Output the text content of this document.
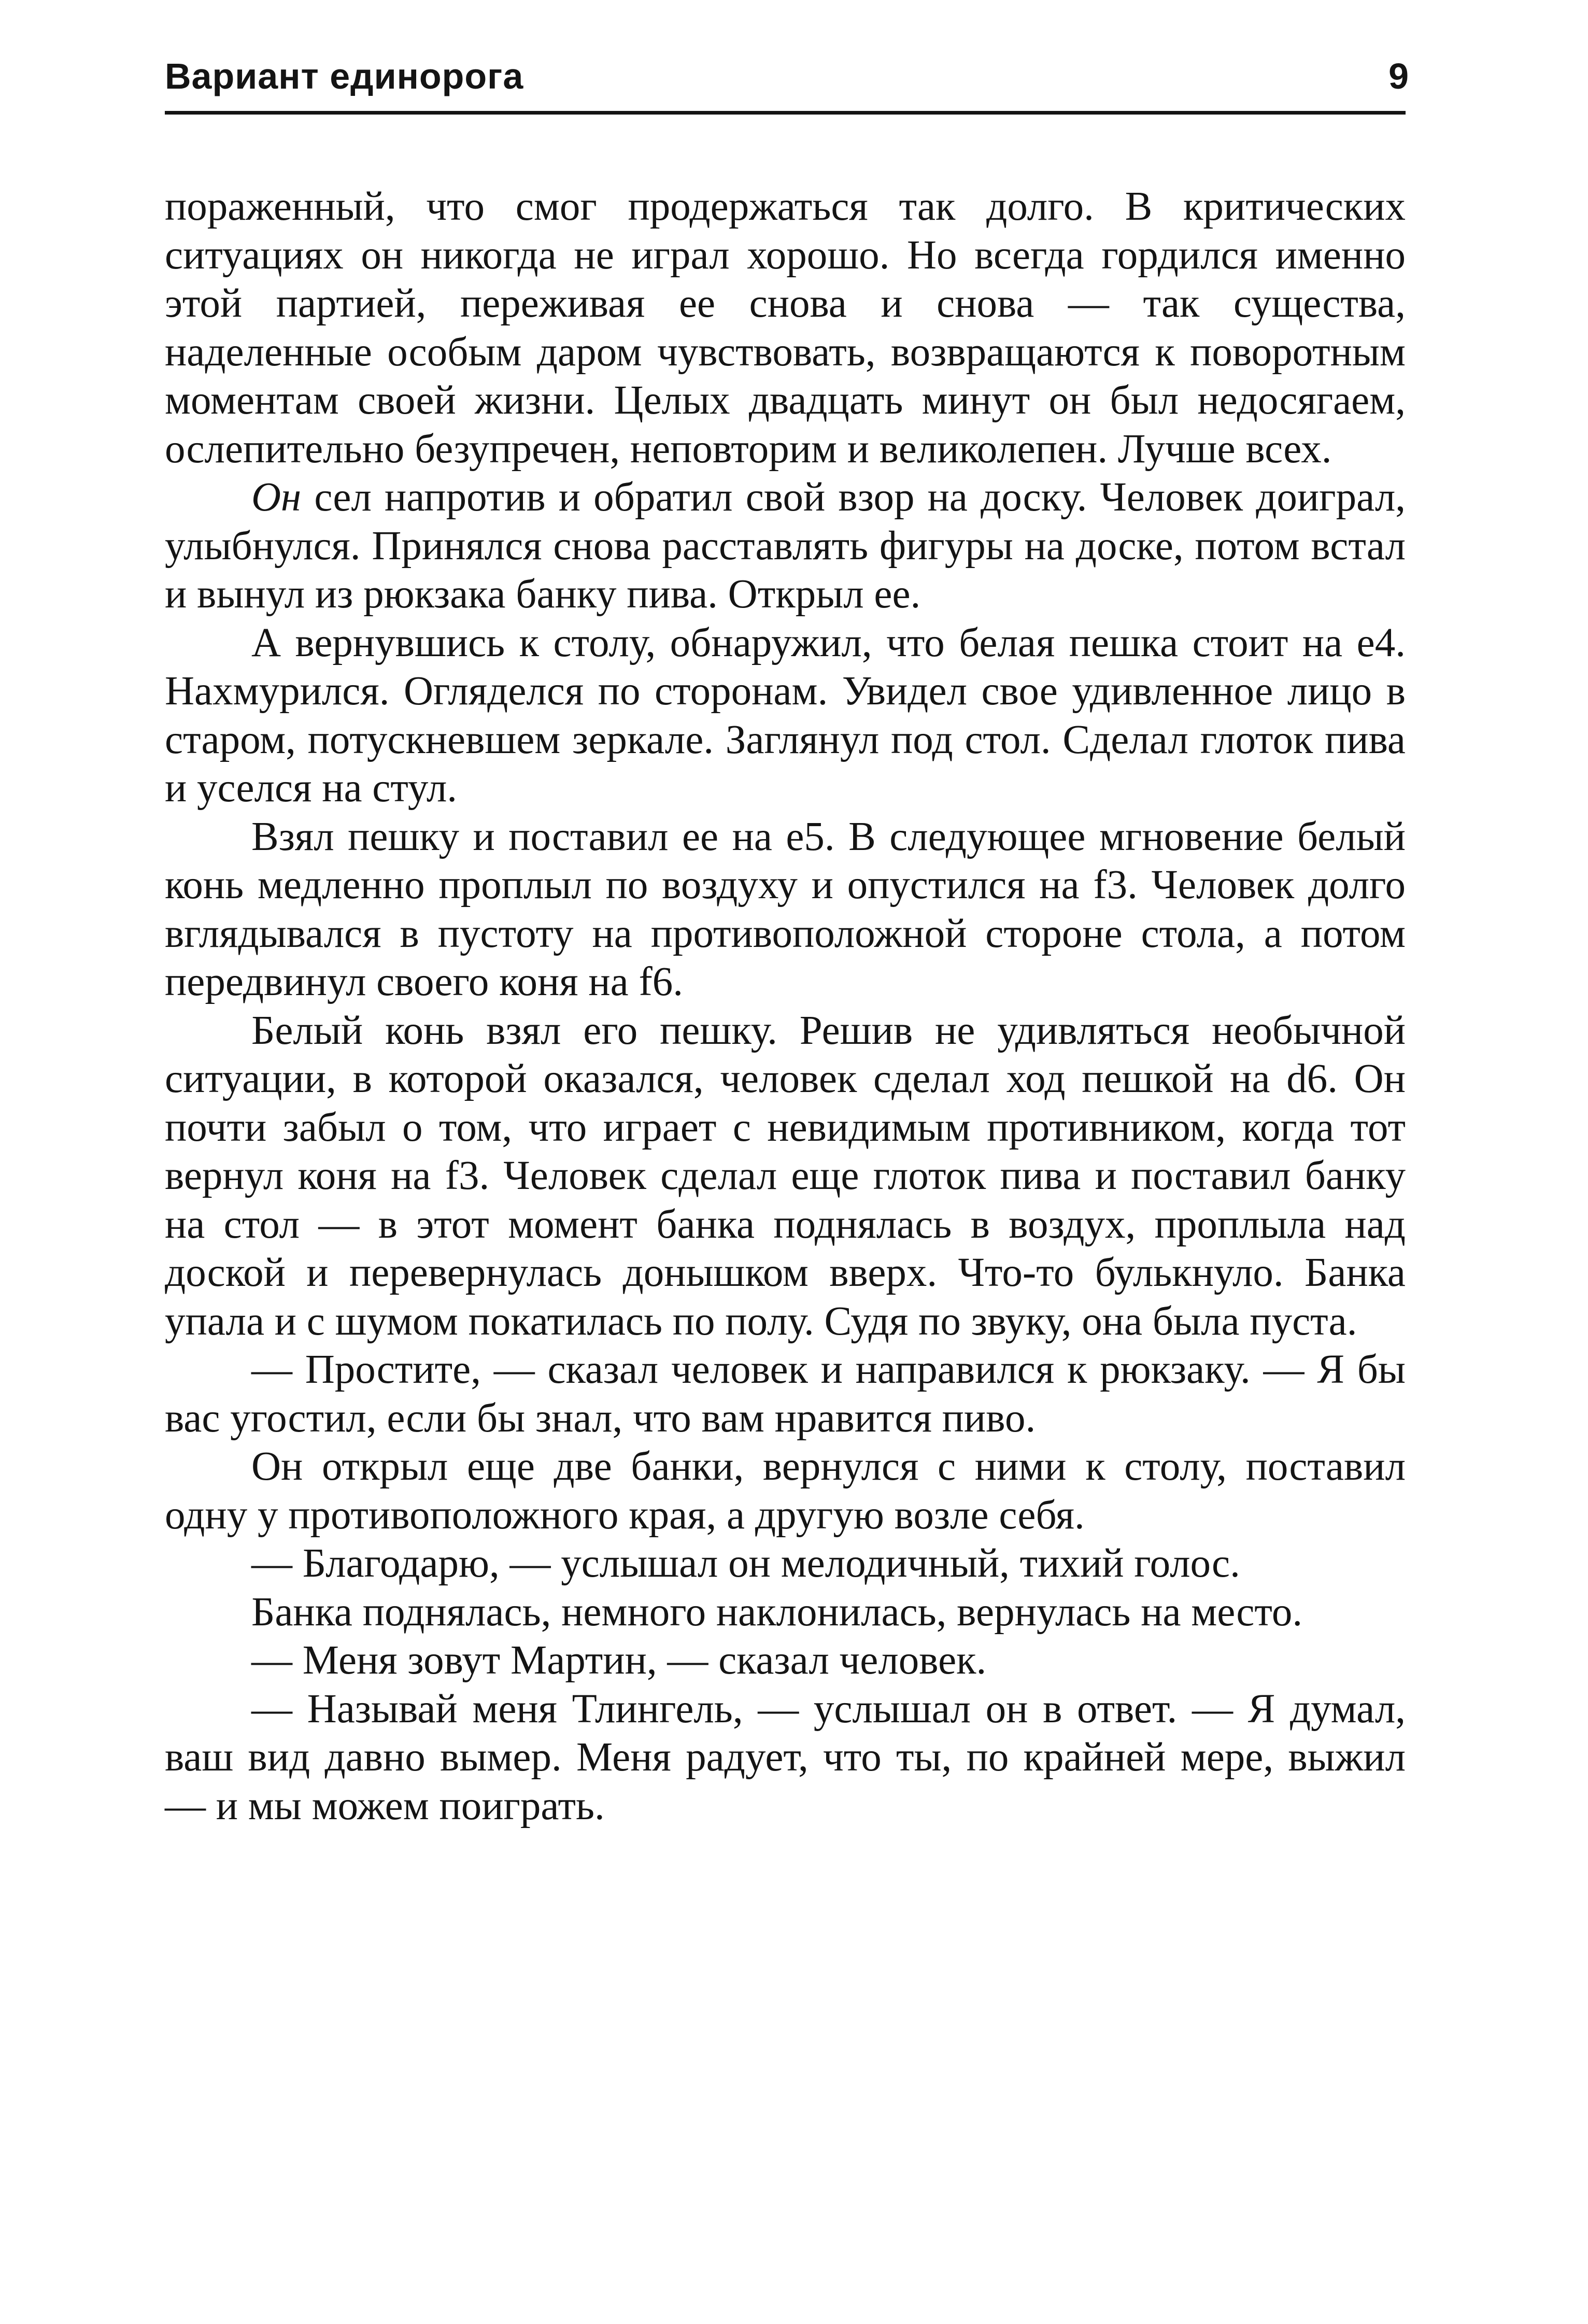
Вариант единорога	9

пораженный, что смог продержаться так долго. В критических ситуациях он никогда не играл хорошо. Но всегда гордился именно этой партией, переживая ее снова и снова — так существа, наделенные особым даром чувствовать, возвращаются к поворотным моментам своей жизни. Целых двадцать минут он был недосягаем, ослепительно безупречен, неповторим и великолепен. Лучше всех.

Он сел напротив и обратил свой взор на доску. Человек доиграл, улыбнулся. Принялся снова расставлять фигуры на доске, потом встал и вынул из рюкзака банку пива. Открыл ее.

А вернувшись к столу, обнаружил, что белая пешка стоит на e4. Нахмурился. Огляделся по сторонам. Увидел свое удивленное лицо в старом, потускневшем зеркале. Заглянул под стол. Сделал глоток пива и уселся на стул.

Взял пешку и поставил ее на е5. В следующее мгновение белый конь медленно проплыл по воздуху и опустился на f3. Человек долго вглядывался в пустоту на противоположной стороне стола, а потом передвинул своего коня на f6.

Белый конь взял его пешку. Решив не удивляться необычной ситуации, в которой оказался, человек сделал ход пешкой на d6. Он почти забыл о том, что играет с невидимым противником, когда тот вернул коня на f3. Человек сделал еще глоток пива и поставил банку на стол — в этот момент банка поднялась в воздух, проплыла над доской и перевернулась донышком вверх. Что-то булькнуло. Банка упала и с шумом покатилась по полу. Судя по звуку, она была пуста.

— Простите, — сказал человек и направился к рюкзаку. — Я бы вас угостил, если бы знал, что вам нравится пиво.

Он открыл еще две банки, вернулся с ними к столу, поставил одну у противоположного края, а другую возле себя.

— Благодарю, — услышал он мелодичный, тихий голос.

Банка поднялась, немного наклонилась, вернулась на место.

— Меня зовут Мартин, — сказал человек.

— Называй меня Тлингель, — услышал он в ответ. — Я думал, ваш вид давно вымер. Меня радует, что ты, по крайней мере, выжил — и мы можем поиграть.
